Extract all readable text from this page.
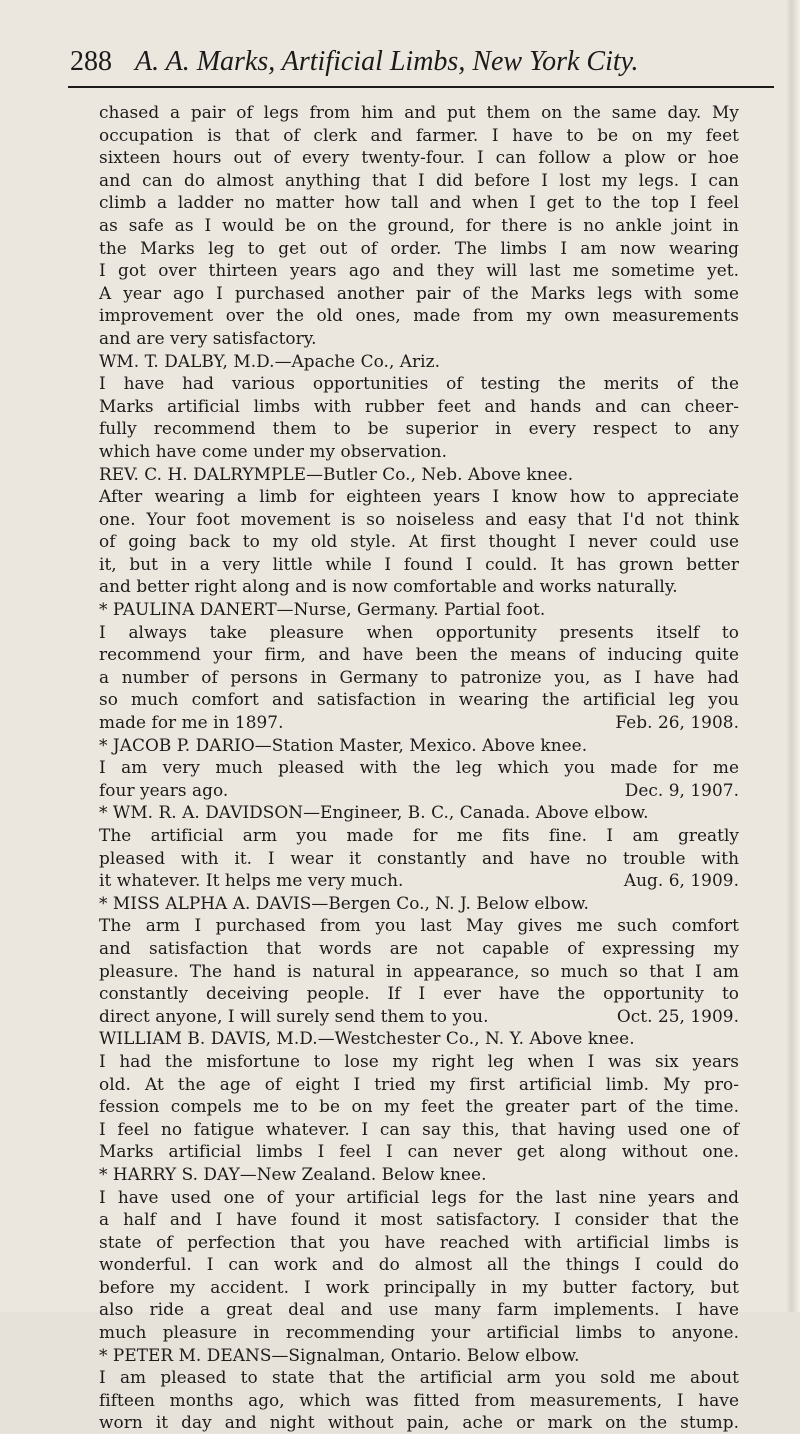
288 A. A. Marks, Artificial Limbs, New York City.
chased a pair of legs from him and put them on the same day. My
occupation is that of clerk and farmer. I have to be on my feet
sixteen hours out of every twenty-four. I can follow a plow or hoe
and can do almost anything that I did before I lost my legs. I can
climb a ladder no matter how tall and when I get to the top I feel
as safe as I would be on the ground, for there is no ankle joint in
the Marks leg to get out of order. The limbs I am now wearing
I got over thirteen years ago and they will last me sometime yet.
A year ago I purchased another pair of the Marks legs with some
improvement over the old ones, made from my own measurements
and are very satisfactory.
WM. T. DALBY, M.D.—Apache Co., Ariz.
I have had various opportunities of testing the merits of the
Marks artificial limbs with rubber feet and hands and can cheer-
fully recommend them to be superior in every respect to any
which have come under my observation.
REV. C. H. DALRYMPLE—Butler Co., Neb. Above knee.
After wearing a limb for eighteen years I know how to appreciate
one. Your foot movement is so noiseless and easy that I'd not think
of going back to my old style. At first thought I never could use
it, but in a very little while I found I could. It has grown better
and better right along and is now comfortable and works naturally.
* PAULINA DANERT—Nurse, Germany. Partial foot.
I always take pleasure when opportunity presents itself to
recommend your firm, and have been the means of inducing quite
a number of persons in Germany to patronize you, as I have had
so much comfort and satisfaction in wearing the artificial leg you
made for me in 1897.	Feb. 26, 1908.
* JACOB P. DARIO—Station Master, Mexico. Above knee.
I am very much pleased with the leg which you made for me
four years ago.	Dec. 9, 1907.
* WM. R. A. DAVIDSON—Engineer, B. C., Canada. Above elbow.
The artificial arm you made for me fits fine. I am greatly
pleased with it. I wear it constantly and have no trouble with
it whatever. It helps me very much.	Aug. 6, 1909.
* MISS ALPHA A. DAVIS—Bergen Co., N. J. Below elbow.
The arm I purchased from you last May gives me such comfort
and satisfaction that words are not capable of expressing my
pleasure. The hand is natural in appearance, so much so that I am
constantly deceiving people. If I ever have the opportunity to
direct anyone, I will surely send them to you.	Oct. 25, 1909.
WILLIAM B. DAVIS, M.D.—Westchester Co., N. Y. Above knee.
I had the misfortune to lose my right leg when I was six years
old. At the age of eight I tried my first artificial limb. My pro-
fession compels me to be on my feet the greater part of the time.
I feel no fatigue whatever. I can say this, that having used one of
Marks artificial limbs I feel I can never get along without one.
* HARRY S. DAY—New Zealand. Below knee.
I have used one of your artificial legs for the last nine years and
a half and I have found it most satisfactory. I consider that the
state of perfection that you have reached with artificial limbs is
wonderful. I can work and do almost all the things I could do
before my accident. I work principally in my butter factory, but
also ride a great deal and use many farm implements. I have
much pleasure in recommending your artificial limbs to anyone.
* PETER M. DEANS—Signalman, Ontario. Below elbow.
I am pleased to state that the artificial arm you sold me about
fifteen months ago, which was fitted from measurements, I have
worn it day and night without pain, ache or mark on the stump.
